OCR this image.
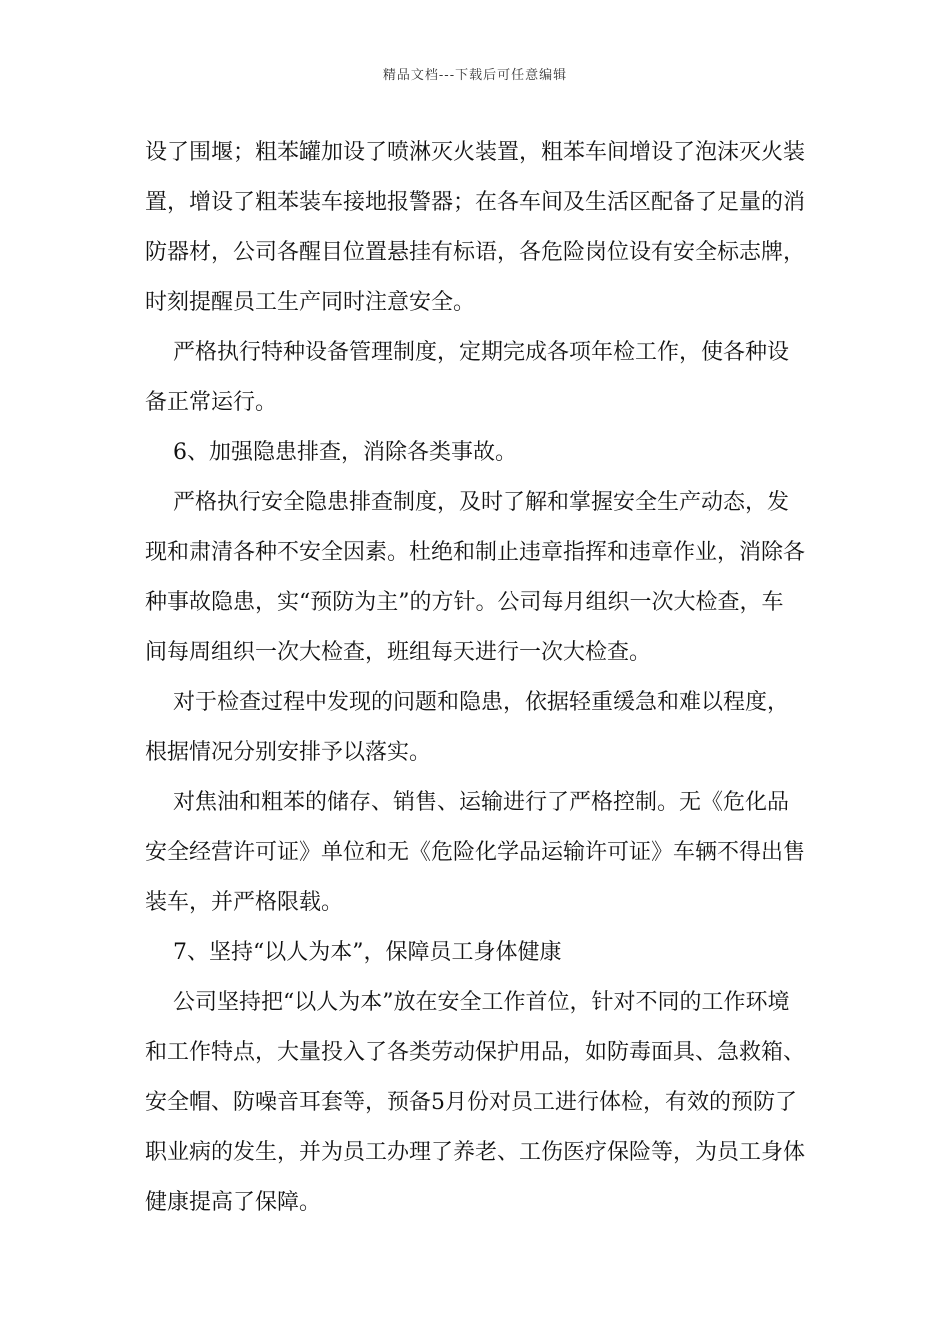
精品文档---下载后可任意编辑

设了围堰；粗苯罐加设了喷淋灭火装置，粗苯车间增设了泡沫灭火装置，增设了粗苯装车接地报警器；在各车间及生活区配备了足量的消防器材，公司各醒目位置悬挂有标语，各危险岗位设有安全标志牌，时刻提醒员工生产同时注意安全。

严格执行特种设备管理制度，定期完成各项年检工作，使各种设备正常运行。

6、加强隐患排查，消除各类事故。

严格执行安全隐患排查制度，及时了解和掌握安全生产动态，发现和肃清各种不安全因素。杜绝和制止违章指挥和违章作业，消除各种事故隐患，实“预防为主”的方针。公司每月组织一次大检查，车间每周组织一次大检查，班组每天进行一次大检查。

对于检查过程中发现的问题和隐患，依据轻重缓急和难以程度，根据情况分别安排予以落实。

对焦油和粗苯的储存、销售、运输进行了严格控制。无《危化品安全经营许可证》单位和无《危险化学品运输许可证》车辆不得出售装车，并严格限载。

7、坚持“以人为本”，保障员工身体健康

公司坚持把“以人为本”放在安全工作首位，针对不同的工作环境和工作特点，大量投入了各类劳动保护用品，如防毒面具、急救箱、安全帽、防噪音耳套等，预备5月份对员工进行体检，有效的预防了职业病的发生，并为员工办理了养老、工伤医疗保险等，为员工身体健康提高了保障。
